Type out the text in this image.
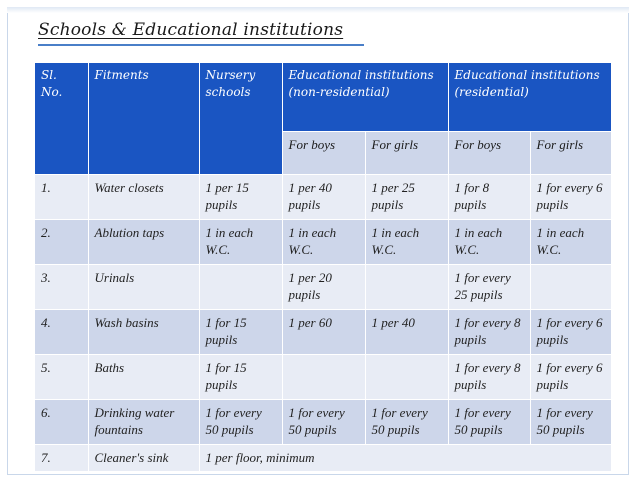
Schools & Educational institutions
Sl. No.	Fitments	Nursery schools	Educational institutions (non-residential)		Educational institutions (residential)	
			For boys	For girls	For boys	For girls
1.	Water closets	1 per 15 pupils	1 per 40 pupils	1 per 25 pupils	1 for 8 pupils	1 for every 6 pupils
2.	Ablution taps	1 in each W.C.	1 in each W.C.	1 in each W.C.	1 in each W.C.	1 in each W.C.
3.	Urinals		1 per 20 pupils		1 for every 25 pupils	
4.	Wash basins	1 for 15 pupils	1 per 60	1 per 40	1 for every 8 pupils	1 for every 6 pupils
5.	Baths	1 for 15 pupils			1 for every 8 pupils	1 for every 6 pupils
6.	Drinking water fountains	1 for every 50 pupils	1 for every 50 pupils	1 for every 50 pupils	1 for every 50 pupils	1 for every 50 pupils
7.	Cleaner's sink	1 per floor, minimum				
